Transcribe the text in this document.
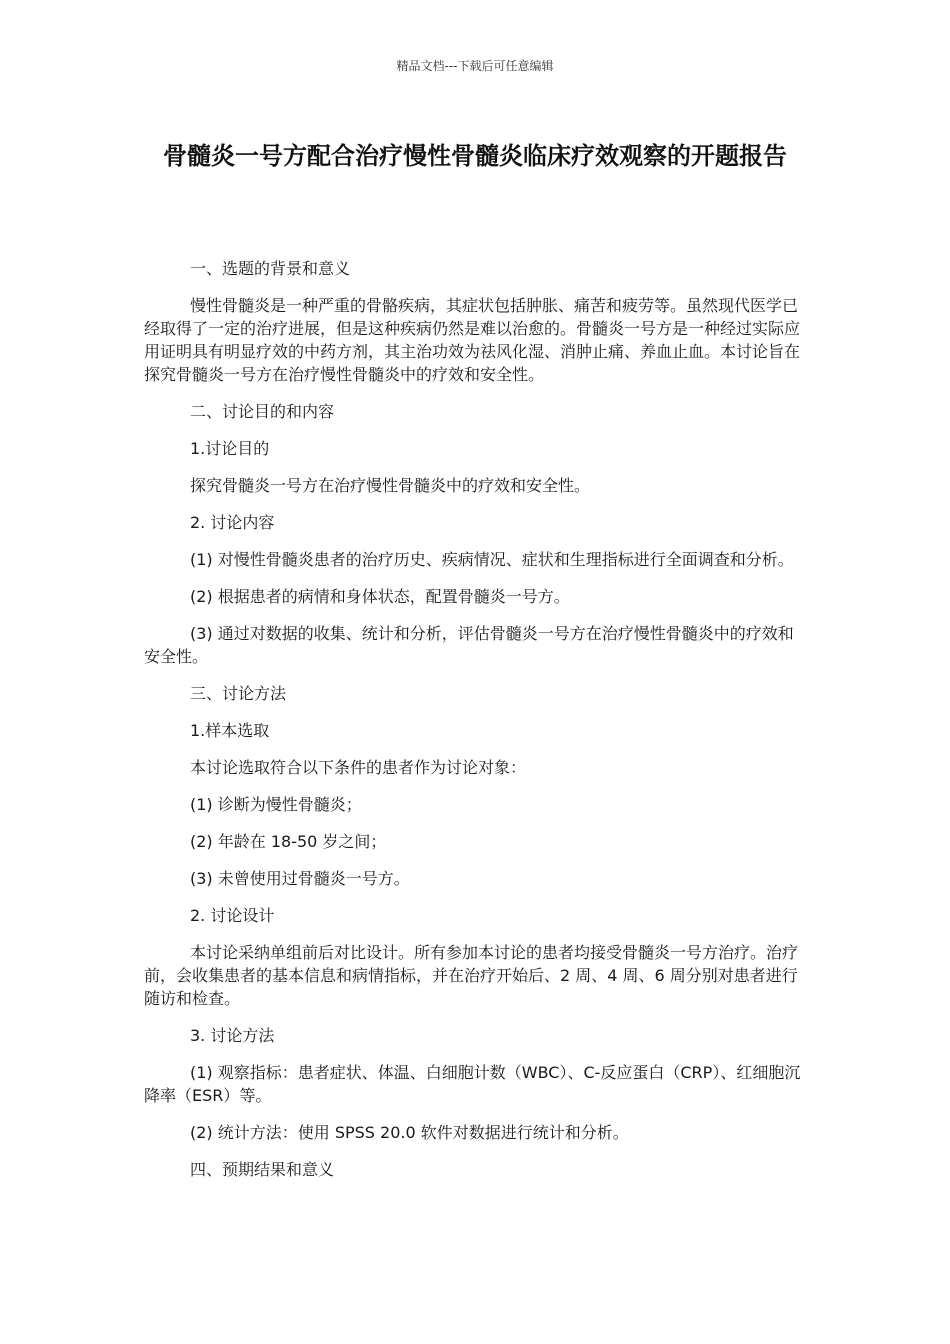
精品文档---下载后可任意编辑
骨髓炎一号方配合治疗慢性骨髓炎临床疗效观察的开题报告

一、选题的背景和意义

慢性骨髓炎是一种严重的骨骼疾病，其症状包括肿胀、痛苦和疲劳等。虽然现代医学已经取得了一定的治疗进展，但是这种疾病仍然是难以治愈的。骨髓炎一号方是一种经过实际应用证明具有明显疗效的中药方剂，其主治功效为祛风化湿、消肿止痛、养血止血。本讨论旨在探究骨髓炎一号方在治疗慢性骨髓炎中的疗效和安全性。

二、讨论目的和内容

1.讨论目的

探究骨髓炎一号方在治疗慢性骨髓炎中的疗效和安全性。

2. 讨论内容

(1) 对慢性骨髓炎患者的治疗历史、疾病情况、症状和生理指标进行全面调查和分析。

(2) 根据患者的病情和身体状态，配置骨髓炎一号方。

(3) 通过对数据的收集、统计和分析，评估骨髓炎一号方在治疗慢性骨髓炎中的疗效和安全性。

三、讨论方法

1.样本选取

本讨论选取符合以下条件的患者作为讨论对象：

(1) 诊断为慢性骨髓炎；

(2) 年龄在 18-50 岁之间；

(3) 未曾使用过骨髓炎一号方。

2. 讨论设计

本讨论采纳单组前后对比设计。所有参加本讨论的患者均接受骨髓炎一号方治疗。治疗前，会收集患者的基本信息和病情指标，并在治疗开始后、2 周、4 周、6 周分别对患者进行随访和检查。

3. 讨论方法

(1) 观察指标：患者症状、体温、白细胞计数（WBC）、C-反应蛋白（CRP）、红细胞沉降率（ESR）等。

(2) 统计方法：使用 SPSS 20.0 软件对数据进行统计和分析。

四、预期结果和意义
